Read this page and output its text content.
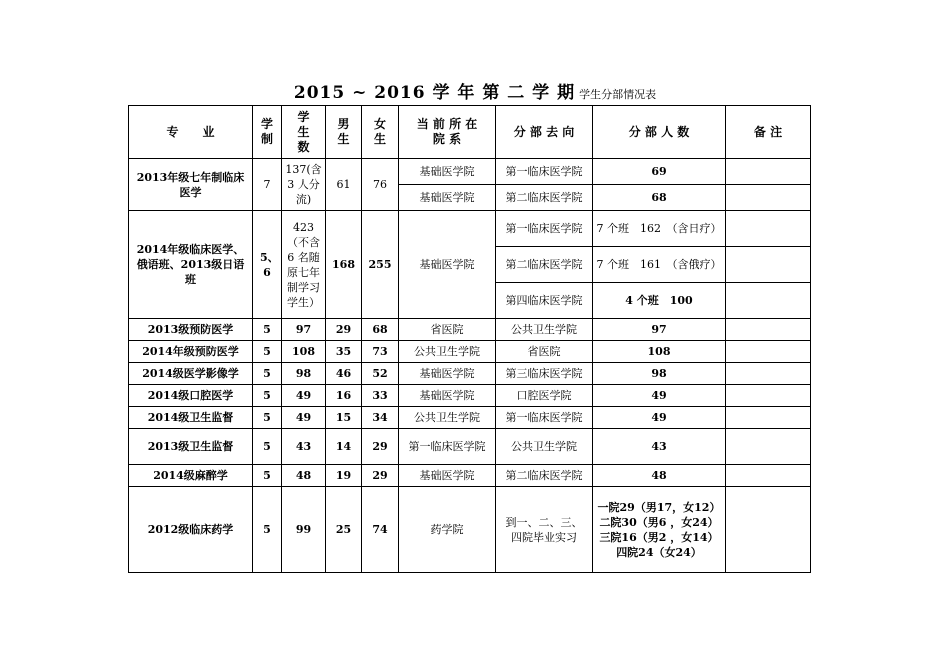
2015 ~ 2016 学 年 第 二 学 期 学生分部情况表
专　　业	学制	学生数	男生	女生	当 前 所 在 院 系	分 部 去 向	分 部 人 数	备 注
2013年级七年制临床医学	7	137(含 3 人分流)	61	76	基础医学院	第一临床医学院	69	
					基础医学院	第二临床医学院	68	
2014年级临床医学、俄语班、2013级日语班	5、6	423 （不含 6 名随原七年制学习学生）	168	255	基础医学院	第一临床医学院	7 个班　162　（含日疗）	
						第二临床医学院	7 个班　161　（含俄疗）	
						第四临床医学院	4 个班　100	
2013级预防医学	5	97	29	68	省医院	公共卫生学院	97	
2014年级预防医学	5	108	35	73	公共卫生学院	省医院	108	
2014级医学影像学	5	98	46	52	基础医学院	第三临床医学院	98	
2014级口腔医学	5	49	16	33	基础医学院	口腔医学院	49	
2014级卫生监督	5	49	15	34	公共卫生学院	第一临床医学院	49	
2013级卫生监督	5	43	14	29	第一临床医学院	公共卫生学院	43	
2014级麻醉学	5	48	19	29	基础医学院	第二临床医学院	48	
2012级临床药学	5	99	25	74	药学院	到一、二、三、四院毕业实习	一院29（男17，女12）二院30（男6 ，女24）三院16（男2 ，女14） 四院24（女24）	
